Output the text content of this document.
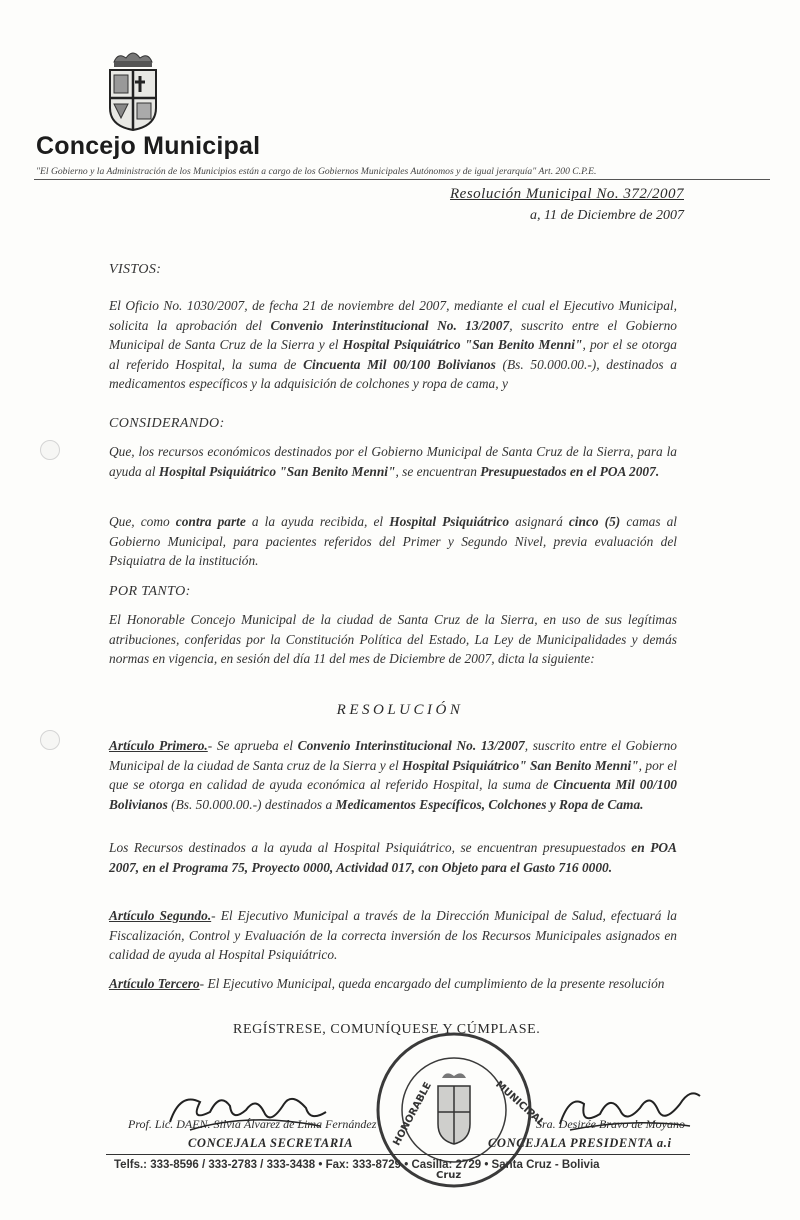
Concejo Municipal
"El Gobierno y la Administración de los Municipios están a cargo de los Gobiernos Municipales Autónomos y de igual jerarquía" Art. 200 C.P.E.
Resolución Municipal No. 372/2007
a, 11 de Diciembre de 2007
VISTOS:

El Oficio No. 1030/2007, de fecha 21 de noviembre del 2007, mediante el cual el Ejecutivo Municipal, solicita la aprobación del Convenio Interinstitucional No. 13/2007, suscrito entre el Gobierno Municipal de Santa Cruz de la Sierra y el Hospital Psiquiátrico "San Benito Menni", por el se otorga al referido Hospital, la suma de Cincuenta Mil 00/100 Bolivianos (Bs. 50.000.00.-), destinados a medicamentos específicos y la adquisición de colchones y ropa de cama, y

CONSIDERANDO:

Que, los recursos económicos destinados por el Gobierno Municipal de Santa Cruz de la Sierra, para la ayuda al Hospital Psiquiátrico "San Benito Menni", se encuentran Presupuestados en el POA 2007.

Que, como contra parte a la ayuda recibida, el Hospital Psiquiátrico asignará cinco (5) camas al Gobierno Municipal, para pacientes referidos del Primer y Segundo Nivel, previa evaluación del Psiquiatra de la institución.

POR TANTO:

El Honorable Concejo Municipal de la ciudad de Santa Cruz de la Sierra, en uso de sus legítimas atribuciones, conferidas por la Constitución Política del Estado, La Ley de Municipalidades y demás normas en vigencia, en sesión del día 11 del mes de Diciembre de 2007, dicta la siguiente:

RESOLUCIÓN

Artículo Primero.- Se aprueba el Convenio Interinstitucional No. 13/2007, suscrito entre el Gobierno Municipal de la ciudad de Santa cruz de la Sierra y el Hospital Psiquiátrico" San Benito Menni", por el que se otorga en calidad de ayuda económica al referido Hospital, la suma de Cincuenta Mil 00/100 Bolivianos (Bs. 50.000.00.-) destinados a Medicamentos Específicos, Colchones y Ropa de Cama.

Los Recursos destinados a la ayuda al Hospital Psiquiátrico, se encuentran presupuestados en POA 2007, en el Programa 75, Proyecto 0000, Actividad 017, con Objeto para el Gasto 716 0000.

Artículo Segundo.- El Ejecutivo Municipal a través de la Dirección Municipal de Salud, efectuará la Fiscalización, Control y Evaluación de la correcta inversión de los Recursos Municipales asignados en calidad de ayuda al Hospital Psiquiátrico.

Artículo Tercero- El Ejecutivo Municipal, queda encargado del cumplimiento de la presente resolución

REGÍSTRESE, COMUNÍQUESE Y CÚMPLASE.
HONORABLE	MUNICIPAL
Cruz
Prof. Lic. DAEN. Silvia Álvarez de Lima Fernández
CONCEJALA SECRETARIA
Sra. Desirée Bravo de Moyano
CONCEJALA PRESIDENTA a.i
Telfs.: 333-8596 / 333-2783 / 333-3438 • Fax: 333-8729 • Casilla: 2729 • Santa Cruz - Bolivia
